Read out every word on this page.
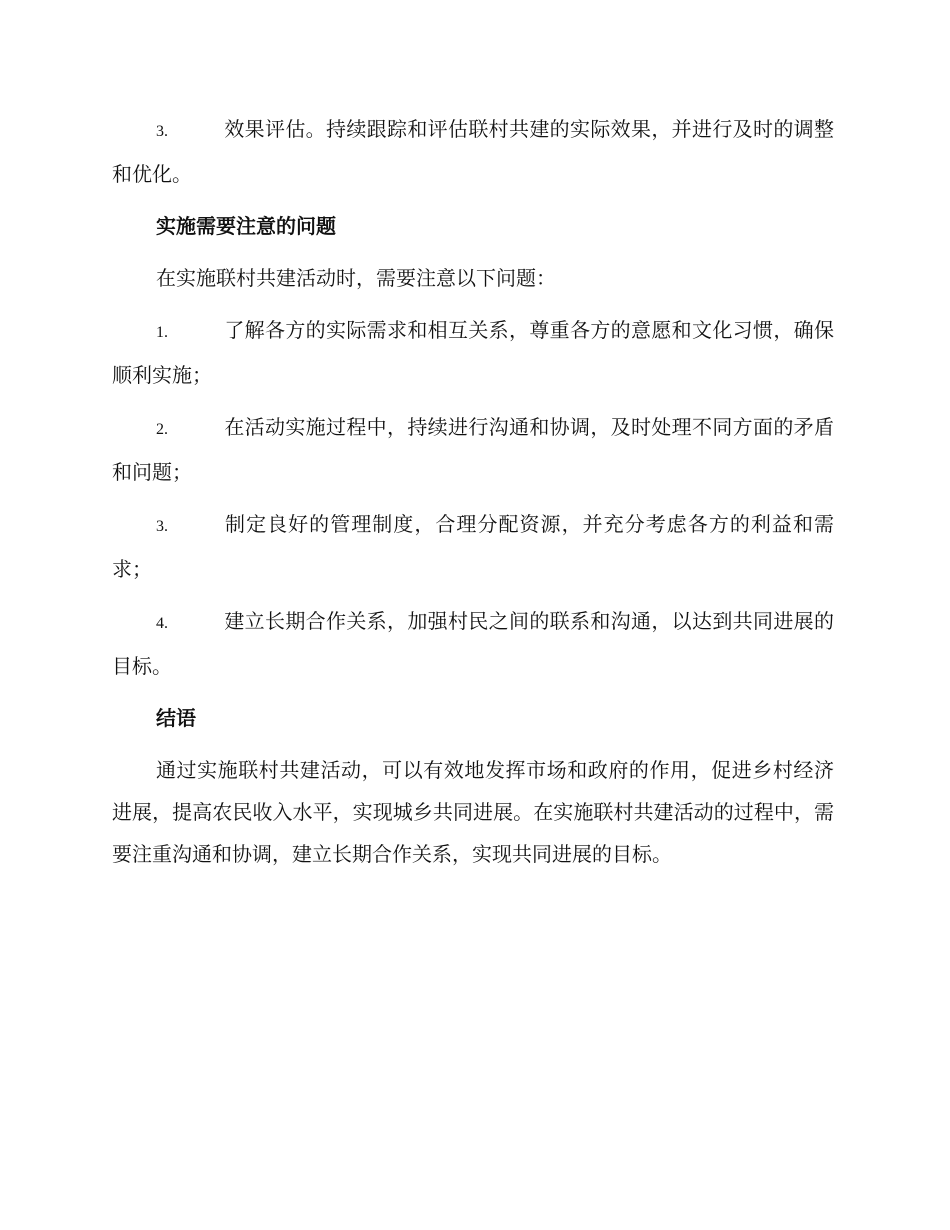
3.	效果评估。持续跟踪和评估联村共建的实际效果，并进行及时的调整和优化。

实施需要注意的问题

在实施联村共建活动时，需要注意以下问题：

1.	了解各方的实际需求和相互关系，尊重各方的意愿和文化习惯，确保顺利实施；

2.	在活动实施过程中，持续进行沟通和协调，及时处理不同方面的矛盾和问题；

3.	制定良好的管理制度，合理分配资源，并充分考虑各方的利益和需求；

4.	建立长期合作关系，加强村民之间的联系和沟通，以达到共同进展的目标。

结语

通过实施联村共建活动，可以有效地发挥市场和政府的作用，促进乡村经济进展，提高农民收入水平，实现城乡共同进展。在实施联村共建活动的过程中，需要注重沟通和协调，建立长期合作关系，实现共同进展的目标。
